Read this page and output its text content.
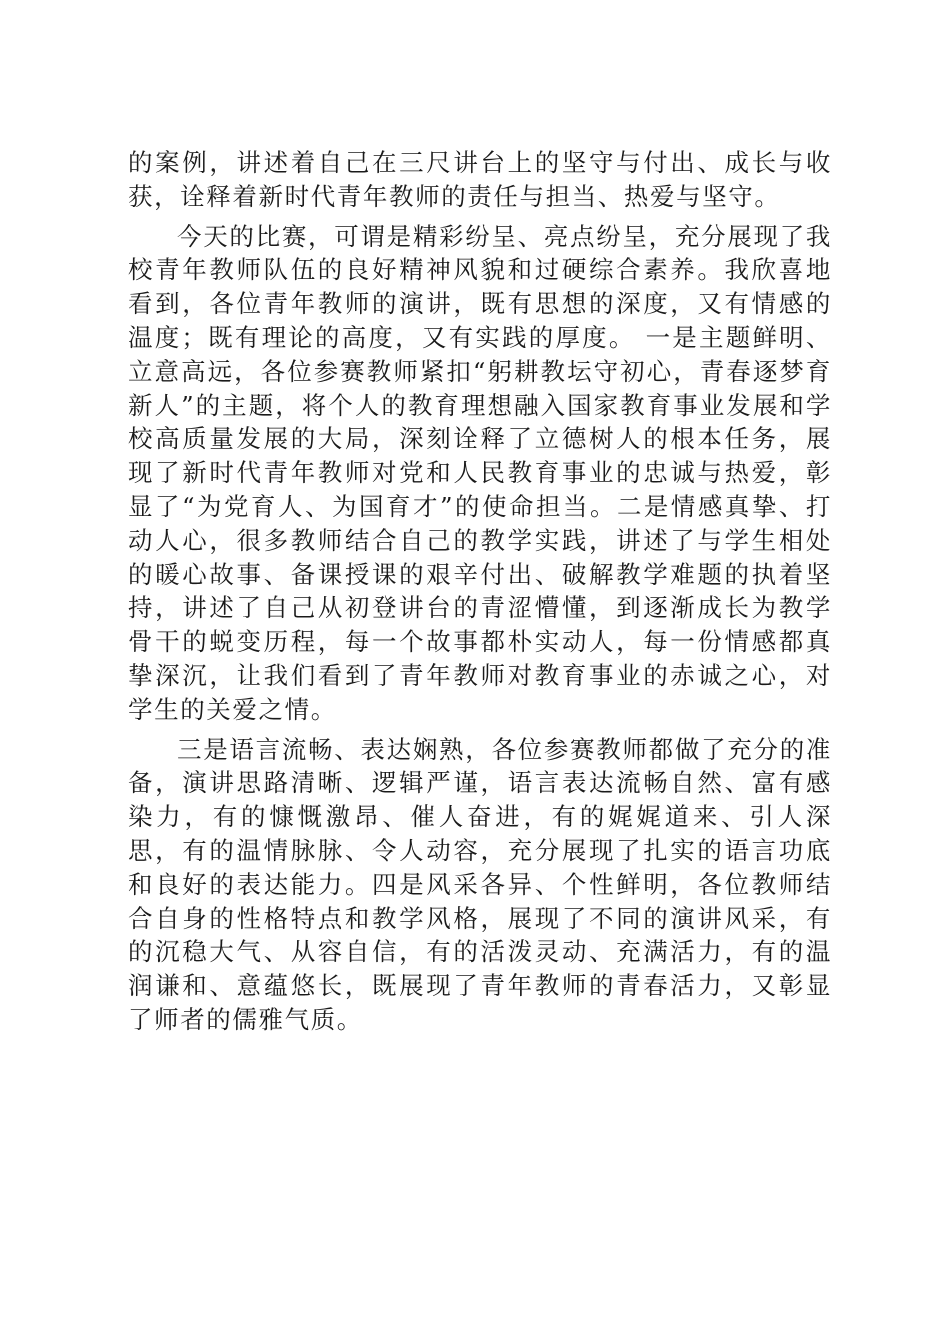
的案例，讲述着自己在三尺讲台上的坚守与付出、成长与收获，诠释着新时代青年教师的责任与担当、热爱与坚守。

今天的比赛，可谓是精彩纷呈、亮点纷呈，充分展现了我校青年教师队伍的良好精神风貌和过硬综合素养。我欣喜地看到，各位青年教师的演讲，既有思想的深度，又有情感的温度；既有理论的高度，又有实践的厚度。 一是主题鲜明、立意高远，各位参赛教师紧扣“躬耕教坛守初心，青春逐梦育新人”的主题，将个人的教育理想融入国家教育事业发展和学校高质量发展的大局，深刻诠释了立德树人的根本任务，展现了新时代青年教师对党和人民教育事业的忠诚与热爱，彰显了“为党育人、为国育才”的使命担当。二是情感真挚、打动人心，很多教师结合自己的教学实践，讲述了与学生相处的暖心故事、备课授课的艰辛付出、破解教学难题的执着坚持，讲述了自己从初登讲台的青涩懵懂，到逐渐成长为教学骨干的蜕变历程，每一个故事都朴实动人，每一份情感都真挚深沉，让我们看到了青年教师对教育事业的赤诚之心，对学生的关爱之情。

三是语言流畅、表达娴熟，各位参赛教师都做了充分的准备，演讲思路清晰、逻辑严谨，语言表达流畅自然、富有感染力，有的慷慨激昂、催人奋进，有的娓娓道来、引人深思，有的温情脉脉、令人动容，充分展现了扎实的语言功底和良好的表达能力。四是风采各异、个性鲜明，各位教师结合自身的性格特点和教学风格，展现了不同的演讲风采，有的沉稳大气、从容自信，有的活泼灵动、充满活力，有的温润谦和、意蕴悠长，既展现了青年教师的青春活力，又彰显了师者的儒雅气质。
